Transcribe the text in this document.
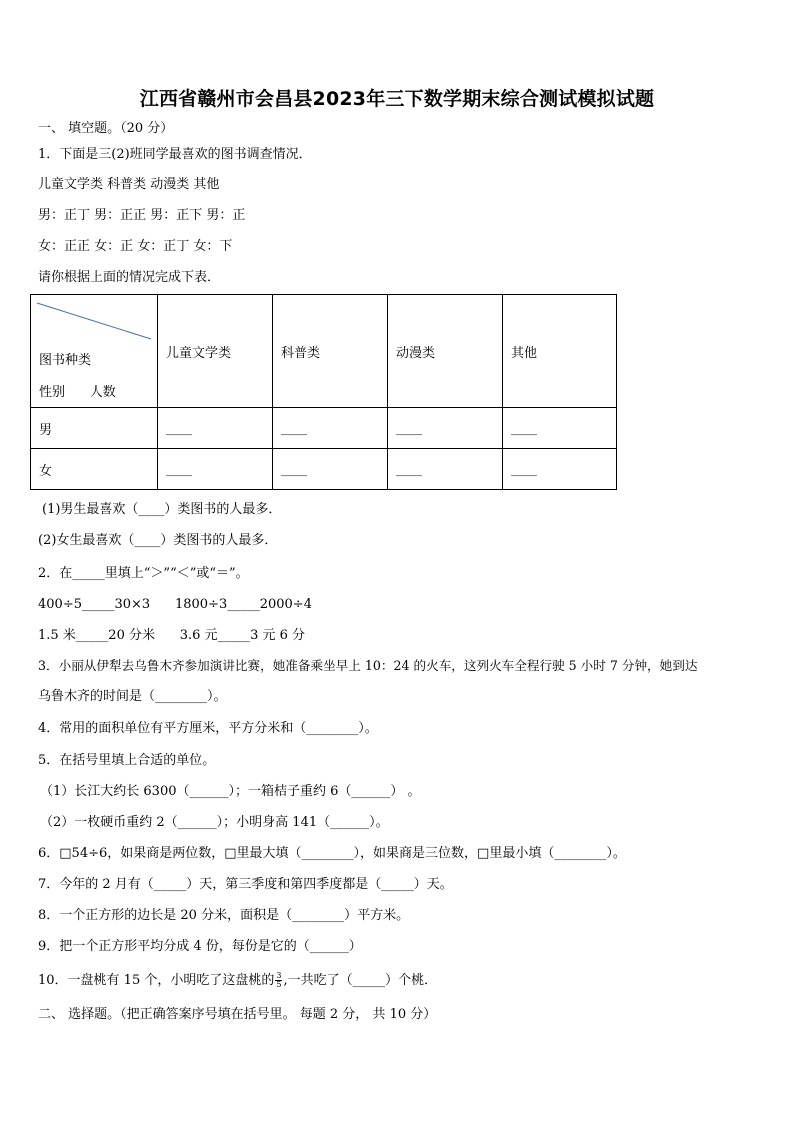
江西省赣州市会昌县2023年三下数学期末综合测试模拟试题
一、 填空题。（20 分）
1．下面是三(2)班同学最喜欢的图书调查情况．
儿童文学类 科普类 动漫类 其他
男：正丁 男：正正 男：正下 男：正
女：正正 女：正 女：正丁 女：下
请你根据上面的情况完成下表．
图书种类
性别      人数	儿童文学类	科普类	动漫类	其他
男	____	____	____	____
女	____	____	____	____
(1)男生最喜欢（____）类图书的人最多．
(2)女生最喜欢（____）类图书的人最多．
2．在_____里填上“＞”“＜”或“＝”。
400÷5_____30×3      1800÷3_____2000÷4
1.5 米_____20 分米      3.6 元_____3 元 6 分
3．小丽从伊犁去乌鲁木齐参加演讲比赛，她准备乘坐早上 10：24 的火车，这列火车全程行驶 5 小时 7 分钟，她到达
乌鲁木齐的时间是（________）。
4．常用的面积单位有平方厘米，平方分米和（________）。
5．在括号里填上合适的单位。
（1）长江大约长 6300（______）；一箱桔子重约 6（______） 。
（2）一枚硬币重约 2（______）；小明身高 141（______）。
6．□54÷6，如果商是两位数，□里最大填（________），如果商是三位数，□里最小填（________）。
7．今年的 2 月有（_____）天，第三季度和第四季度都是（_____）天。
8．一个正方形的边长是 20 分米，面积是（________）平方米。
9．把一个正方形平均分成 4 份，每份是它的（______）
10．一盘桃有 15 个，小明吃了这盘桃的 $\frac{3}{5}$ ,一共吃了（_____）个桃．
二、 选择题。（把正确答案序号填在括号里。 每题 2 分， 共 10 分）
